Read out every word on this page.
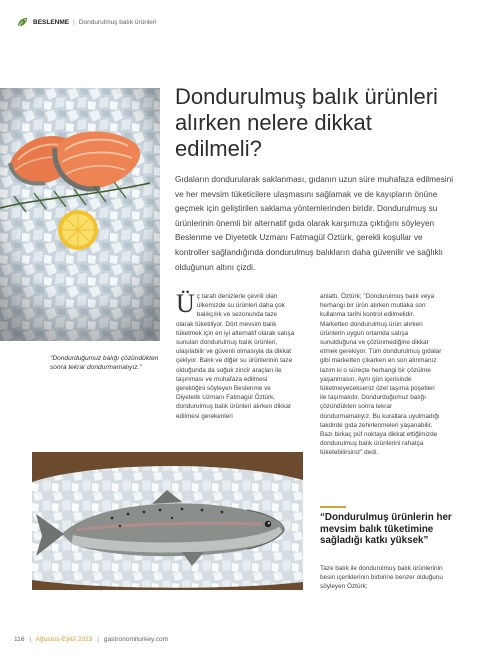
BESLENME | Dondurulmuş balık ürünleri
"Dondurduğumuz balığı çözündükten sonra tekrar dondurmamalıyız."
Dondurulmuş balık ürünleri alırken nelere dikkat edilmeli?
Gıdaların dondurularak saklanması, gıdanın uzun süre muhafaza edilmesini ve her mevsim tüketicilere ulaşmasını sağlamak ve de kayıpların önüne geçmek için geliştirilen saklama yöntemlerinden biridir. Dondurulmuş su ürünlerinin önemli bir alternatif gıda olarak karşımıza çıktığını söyleyen Beslenme ve Diyetetik Uzmanı Fatmagül Öztürk, gerekli koşullar ve kontroller sağlandığında dondurulmuş balıkların daha güvenilir ve sağlıklı olduğunun altını çizdi.
Ü ç tarafı denizlerle çevrili olan ülkemizde su ürünleri daha çok balıkçılık ve sezonunda taze olarak tüketiliyor. Dört mevsim balık tüketmek için en iyi alternatif olarak satışa sunulan dondurulmuş balık ürünleri, ulaşılabilir ve güvenli olmasıyla da dikkat çekiyor. Balık ve diğer su ürünlerinin taze olduğunda da soğuk zincir araçları ile taşınması ve muhafaza edilmesi gerektiğini söyleyen Beslenme ve Diyetetik Uzmanı Fatmagül Öztürk, dondurulmuş balık ürünleri alırken dikkat edilmesi gerekenleri
anlattı. Öztürk; "Dondurulmuş balık veya herhangi bir ürün alırken mutlaka son kullanma tarihi kontrol edilmelidir. Marketten dondurulmuş ürün alırken ürünlerin uygun ortamda satışa sunulduğuna ve çözünmediğine dikkat etmek gerekiyor. Tüm dondurulmuş gıdalar gibi marketten çıkarken en son alınmanız lazım ki o süreçte herhangi bir çözülme yaşanmasın. Aynı gün içerisinde tüketmeyecekseniz özel taşıma poşetleri ile taşımalıdır. Dondurduğumuz balığı çözündükten sonra tekrar dondurmamalıyız. Bu kurallara uyulmadığı takdirde gıda zehirlenmeleri yaşanabilir. Bazı birkaç püf noktaya dikkat ettiğimizde dondurulmuş balık ürünlerini rahatça tüketebilirsiniz" dedi.
“Dondurulmuş ürünlerin her mevsim balık tüketimine sağladığı katkı yüksek”
Taze balık ile dondurulmuş balık ürünlerinin besin içeriklerinin birbirine benzer olduğunu söyleyen Öztürk;
116 | Ağustos-Eylül 2023 | gastronomiturkey.com
